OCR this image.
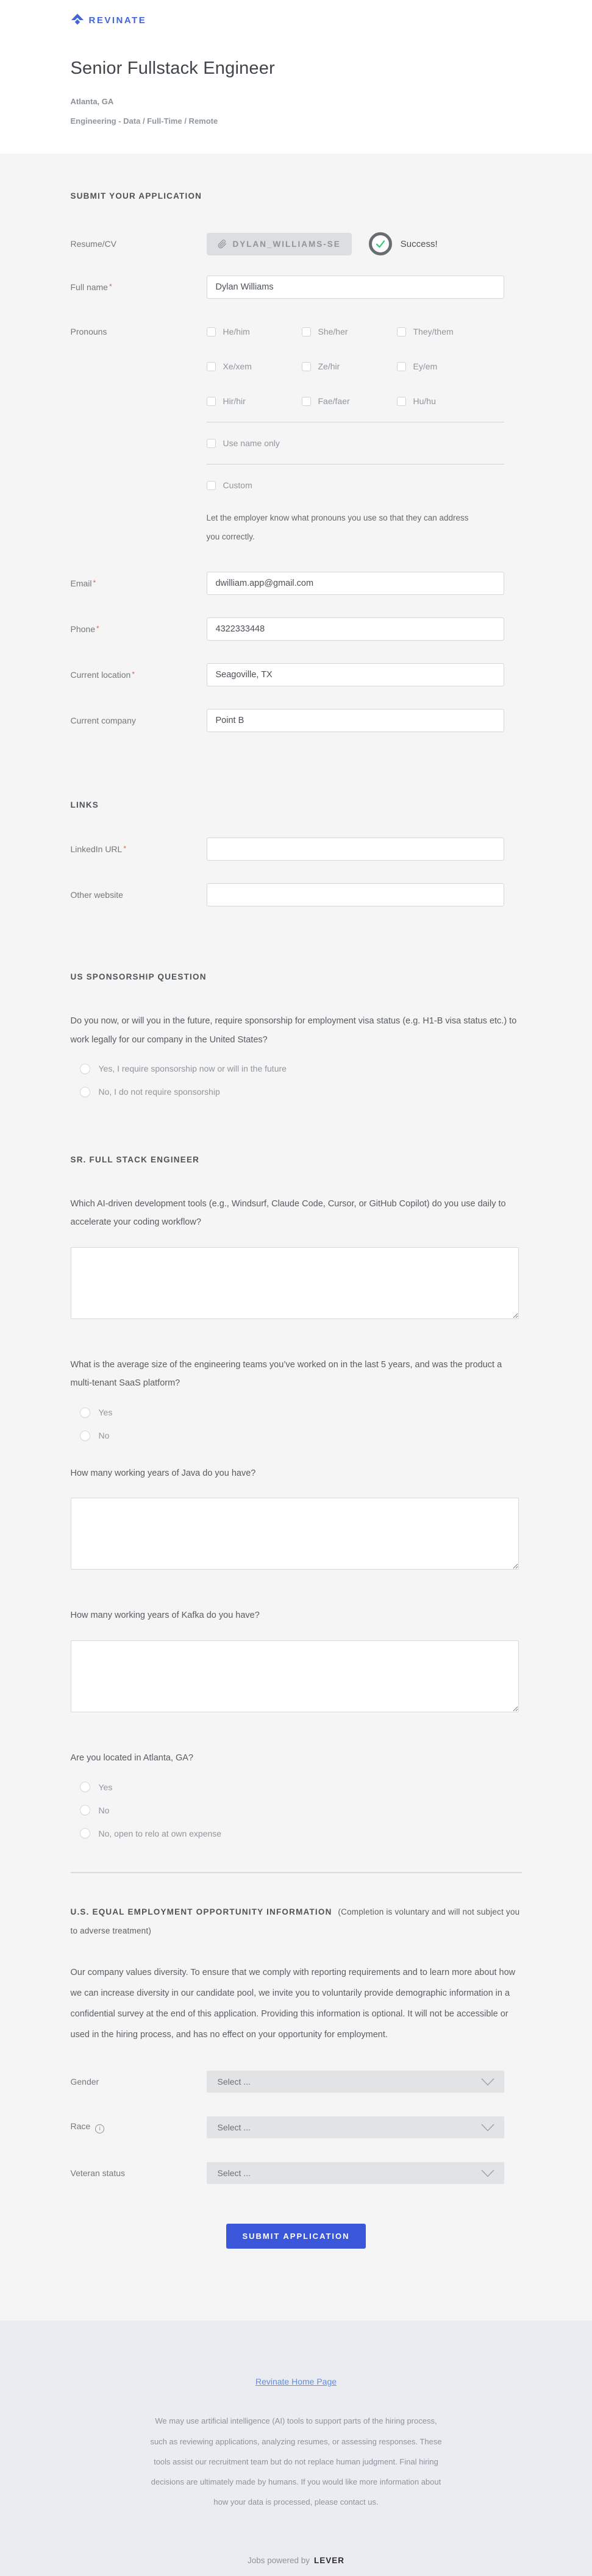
REVINATE
Senior Fullstack Engineer
Atlanta, GA
Engineering - Data / Full-Time / Remote
SUBMIT YOUR APPLICATION
Resume/CV	DYLAN_WILLIAMS-SE	Success!
Full name *
Dylan Williams
Pronouns	He/him	She/her	They/them
Xe/xem	Ze/hir	Ey/em
Hir/hir	Fae/faer	Hu/hu
Use name only
Custom

Let the employer know what pronouns you use so that they can address you correctly.

Email *
dwilliam.app@gmail.com
Phone *
4322333448
Current location *
Seagoville, TX
Current company
Point B
LINKS
LinkedIn URL *
Other website
US SPONSORSHIP QUESTION

Do you now, or will you in the future, require sponsorship for employment visa status (e.g. H1-B visa status etc.) to work legally for our company in the United States?

Yes, I require sponsorship now or will in the future
No, I do not require sponsorship
SR. FULL STACK ENGINEER

Which AI-driven development tools (e.g., Windsurf, Claude Code, Cursor, or GitHub Copilot) do you use daily to accelerate your coding workflow?

What is the average size of the engineering teams you’ve worked on in the last 5 years, and was the product a multi-tenant SaaS platform?

Yes
No

How many working years of Java do you have?

How many working years of Kafka do you have?

Are you located in Atlanta, GA?

Yes
No
No, open to relo at own expense
U.S. EQUAL EMPLOYMENT OPPORTUNITY INFORMATION (Completion is voluntary and will not subject you to adverse treatment)

Our company values diversity. To ensure that we comply with reporting requirements and to learn more about how we can increase diversity in our candidate pool, we invite you to voluntarily provide demographic information in a confidential survey at the end of this application. Providing this information is optional. It will not be accessible or used in the hiring process, and has no effect on your opportunity for employment.

Gender	Select ...
Race i	Select ...
Veteran status	Select ...
SUBMIT APPLICATION
Revinate Home Page

We may use artificial intelligence (AI) tools to support parts of the hiring process, such as reviewing applications, analyzing resumes, or assessing responses. These tools assist our recruitment team but do not replace human judgment. Final hiring decisions are ultimately made by humans. If you would like more information about how your data is processed, please contact us.

Jobs powered by LEVER
